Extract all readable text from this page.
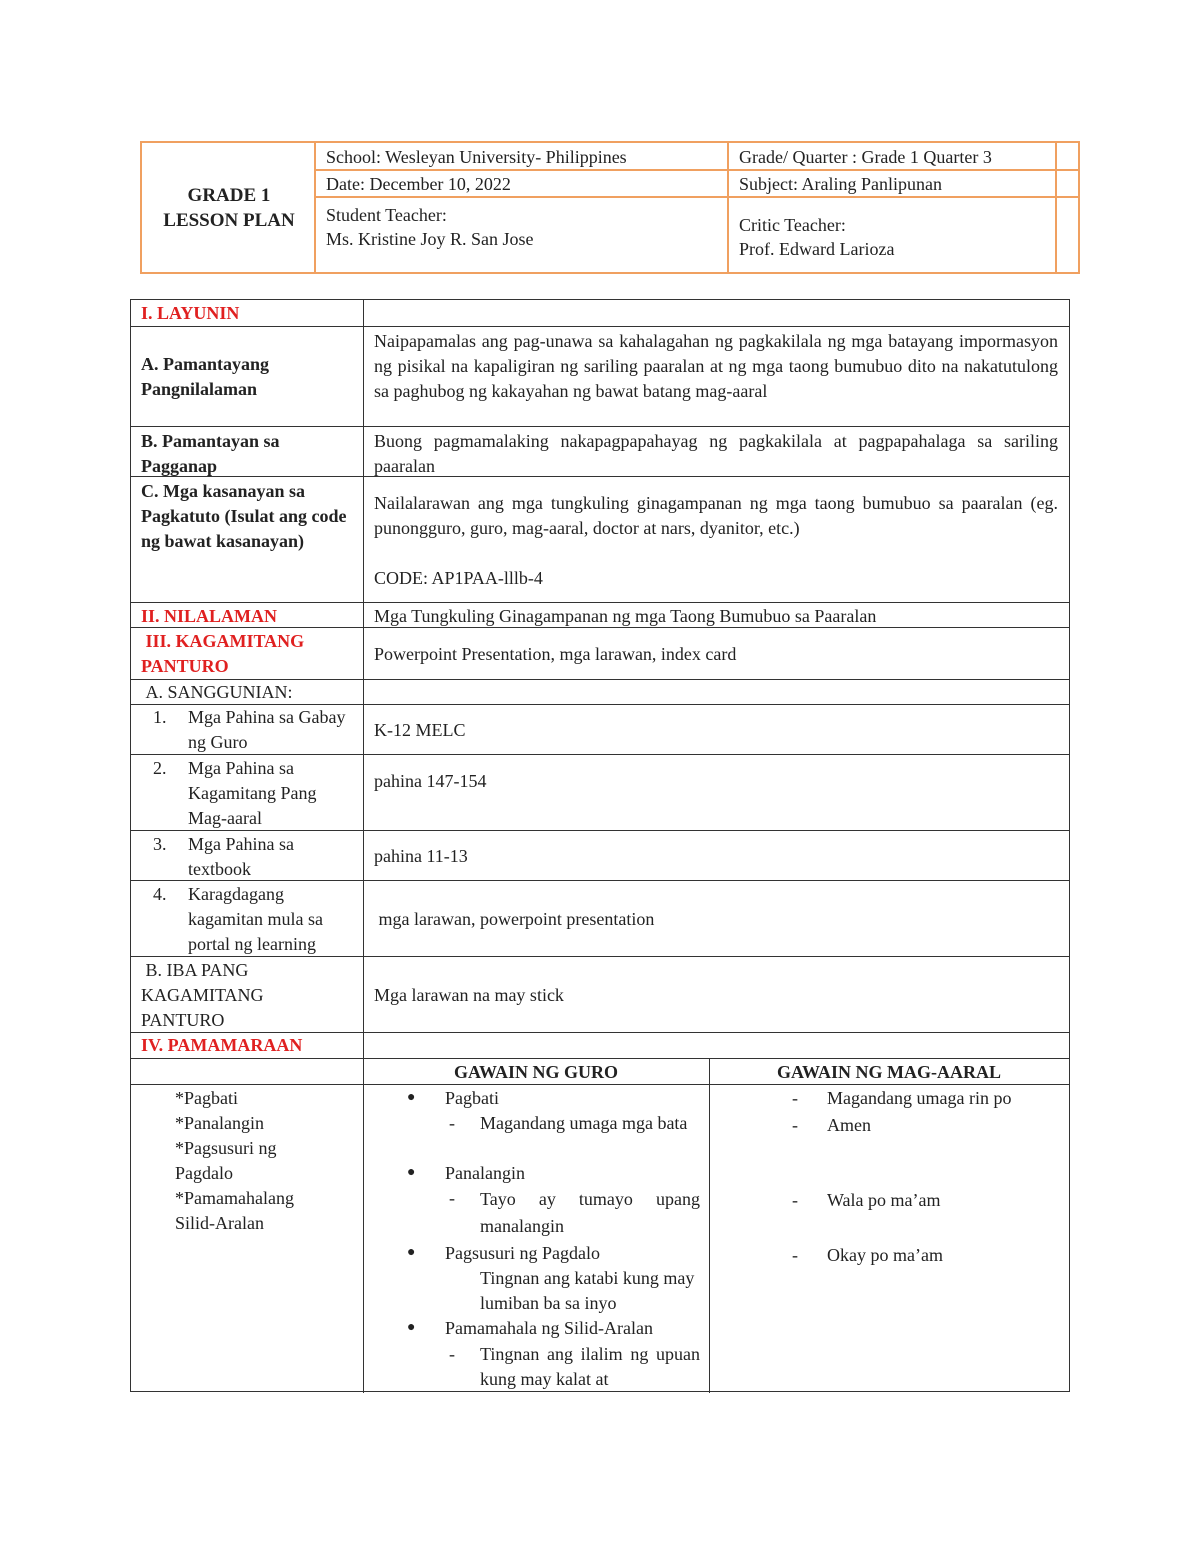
GRADE 1
LESSON PLAN
School: Wesleyan University- Philippines
Date: December 10, 2022
Student Teacher:
Ms. Kristine Joy R. San Jose
Grade/ Quarter : Grade 1 Quarter 3
Subject: Araling Panlipunan
Critic Teacher:
Prof. Edward Larioza
I. LAYUNIN
A. Pamantayang Pangnilalaman
Naipapamalas ang pag-unawa sa kahalagahan ng pagkakilala ng mga batayang impormasyon ng pisikal na kapaligiran ng sariling paaralan at ng mga taong bumubuo dito na nakatutulong sa paghubog ng kakayahan ng bawat batang mag-aaral
B. Pamantayan sa Pagganap
Buong pagmamalaking nakapagpapahayag ng pagkakilala at pagpapahalaga sa sariling paaralan
C. Mga kasanayan sa Pagkatuto (Isulat ang code ng bawat kasanayan)
Nailalarawan ang mga tungkuling ginagampanan ng mga taong bumubuo sa paaralan (eg. punongguro, guro, mag-aaral, doctor at nars, dyanitor, etc.)
CODE: AP1PAA-lllb-4
II. NILALAMAN	Mga Tungkuling Ginagampanan ng mga Taong Bumubuo sa Paaralan
III. KAGAMITANG PANTURO
Powerpoint Presentation, mga larawan, index card
A. SANGGUNIAN:
1. Mga Pahina sa Gabay ng Guro
K-12 MELC
2. Mga Pahina sa Kagamitang Pang Mag-aaral
pahina 147-154
3. Mga Pahina sa textbook
pahina 11-13
4. Karagdagang kagamitan mula sa portal ng learning
mga larawan, powerpoint presentation
B. IBA PANG KAGAMITANG PANTURO
Mga larawan na may stick
IV. PAMAMARAAN
GAWAIN NG GURO	GAWAIN NG MAG-AARAL
*Pagbati
*Panalangin
*Pagsusuri ng Pagdalo
*Pamamahalang Silid-Aralan
● Pagbati
- Magandang umaga mga bata
● Panalangin
- Tayo ay tumayo upang manalangin
● Pagsusuri ng Pagdalo
Tingnan ang katabi kung may lumiban ba sa inyo
● Pamamahala ng Silid-Aralan
- Tingnan ang ilalim ng upuan kung may kalat at
- Magandang umaga rin po
- Amen
- Wala po ma’am
- Okay po ma’am
